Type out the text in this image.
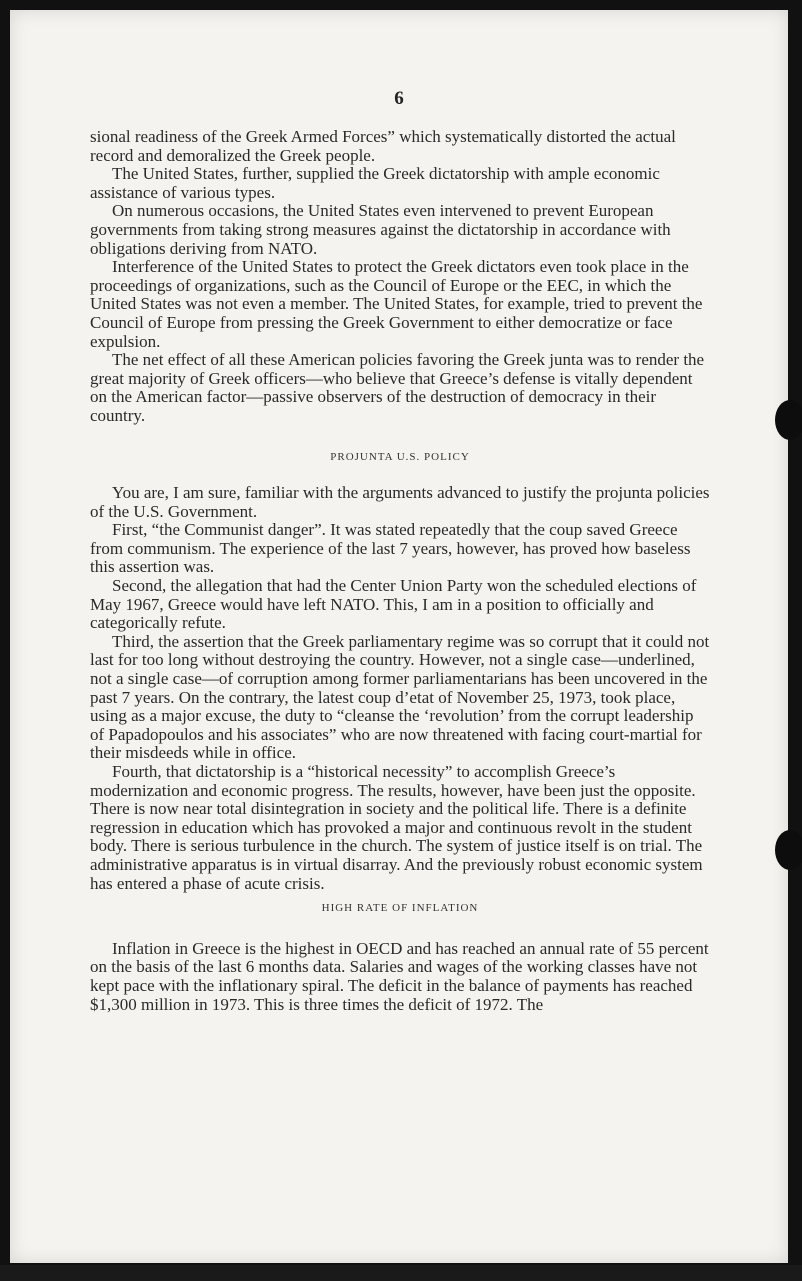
6

sional readiness of the Greek Armed Forces” which systematically distorted the actual record and demoralized the Greek people.

The United States, further, supplied the Greek dictatorship with ample economic assistance of various types.

On numerous occasions, the United States even intervened to prevent European governments from taking strong measures against the dictatorship in accordance with obligations deriving from NATO.

Interference of the United States to protect the Greek dictators even took place in the proceedings of organizations, such as the Council of Europe or the EEC, in which the United States was not even a member. The United States, for example, tried to prevent the Council of Europe from pressing the Greek Government to either democratize or face expulsion.

The net effect of all these American policies favoring the Greek junta was to render the great majority of Greek officers—who believe that Greece’s defense is vitally dependent on the American factor—passive observers of the destruction of democracy in their country.

PROJUNTA U.S. POLICY

You are, I am sure, familiar with the arguments advanced to justify the projunta policies of the U.S. Government.

First, “the Communist danger”. It was stated repeatedly that the coup saved Greece from communism. The experience of the last 7 years, however, has proved how baseless this assertion was.

Second, the allegation that had the Center Union Party won the scheduled elections of May 1967, Greece would have left NATO. This, I am in a position to officially and categorically refute.

Third, the assertion that the Greek parliamentary regime was so corrupt that it could not last for too long without destroying the country. However, not a single case—underlined, not a single case—of corruption among former parliamentarians has been uncovered in the past 7 years. On the contrary, the latest coup d’etat of November 25, 1973, took place, using as a major excuse, the duty to “cleanse the ‘revolution’ from the corrupt leadership of Papadopoulos and his associates” who are now threatened with facing court-martial for their misdeeds while in office.

Fourth, that dictatorship is a “historical necessity” to accomplish Greece’s modernization and economic progress. The results, however, have been just the opposite. There is now near total disintegration in society and the political life. There is a definite regression in education which has provoked a major and continuous revolt in the student body. There is serious turbulence in the church. The system of justice itself is on trial. The administrative apparatus is in virtual disarray. And the previously robust economic system has entered a phase of acute crisis.

HIGH RATE OF INFLATION

Inflation in Greece is the highest in OECD and has reached an annual rate of 55 percent on the basis of the last 6 months data. Salaries and wages of the working classes have not kept pace with the inflationary spiral. The deficit in the balance of payments has reached $1,300 million in 1973. This is three times the deficit of 1972. The
